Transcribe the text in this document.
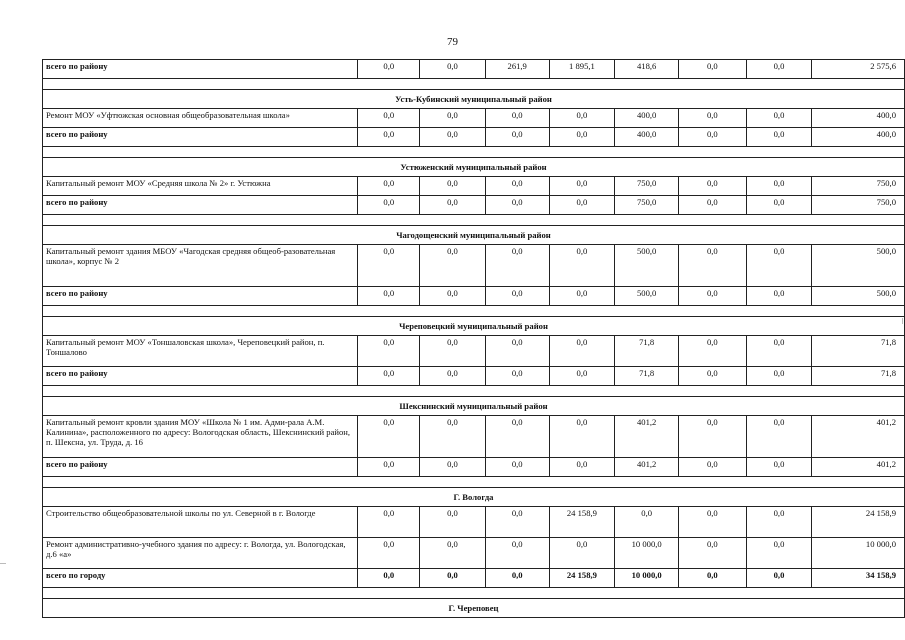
79
всего по району	0,0	0,0	261,9	1 895,1	418,6	0,0	0,0	2 575,6

Усть-Кубинский муниципальный район								
Ремонт МОУ «Уфтюжская основная общеобразовательная школа»	0,0	0,0	0,0	0,0	400,0	0,0	0,0	400,0
всего по району	0,0	0,0	0,0	0,0	400,0	0,0	0,0	400,0

Устюженский муниципальный район								
Капитальный ремонт МОУ «Средняя школа № 2» г. Устюжна	0,0	0,0	0,0	0,0	750,0	0,0	0,0	750,0
всего по району	0,0	0,0	0,0	0,0	750,0	0,0	0,0	750,0

Чагодощенский муниципальный район								
Капитальный ремонт здания МБОУ «Чагодская средняя общеоб-разовательная школа», корпус № 2	0,0	0,0	0,0	0,0	500,0	0,0	0,0	500,0
всего по району	0,0	0,0	0,0	0,0	500,0	0,0	0,0	500,0

Череповецкий муниципальный район								
Капитальный ремонт МОУ «Тоншаловская школа», Череповецкий район, п. Тоншалово	0,0	0,0	0,0	0,0	71,8	0,0	0,0	71,8
всего по району	0,0	0,0	0,0	0,0	71,8	0,0	0,0	71,8

Шекснинский муниципальный район								
Капитальный ремонт кровли здания МОУ «Школа № 1 им. Адми-рала А.М. Калинина», расположенного по адресу: Вологодская область, Шекснинский район, п. Шексна, ул. Труда, д. 16	0,0	0,0	0,0	0,0	401,2	0,0	0,0	401,2
всего по району	0,0	0,0	0,0	0,0	401,2	0,0	0,0	401,2

Г. Вологда								
Строительство общеобразовательной школы по ул. Северной в г. Вологде	0,0	0,0	0,0	24 158,9	0,0	0,0	0,0	24 158,9
Ремонт административно-учебного здания по адресу: г. Вологда, ул. Вологодская, д.6 «а»	0,0	0,0	0,0	0,0	10 000,0	0,0	0,0	10 000,0
всего по городу	0,0	0,0	0,0	24 158,9	10 000,0	0,0	0,0	34 158,9

Г. Череповец								
